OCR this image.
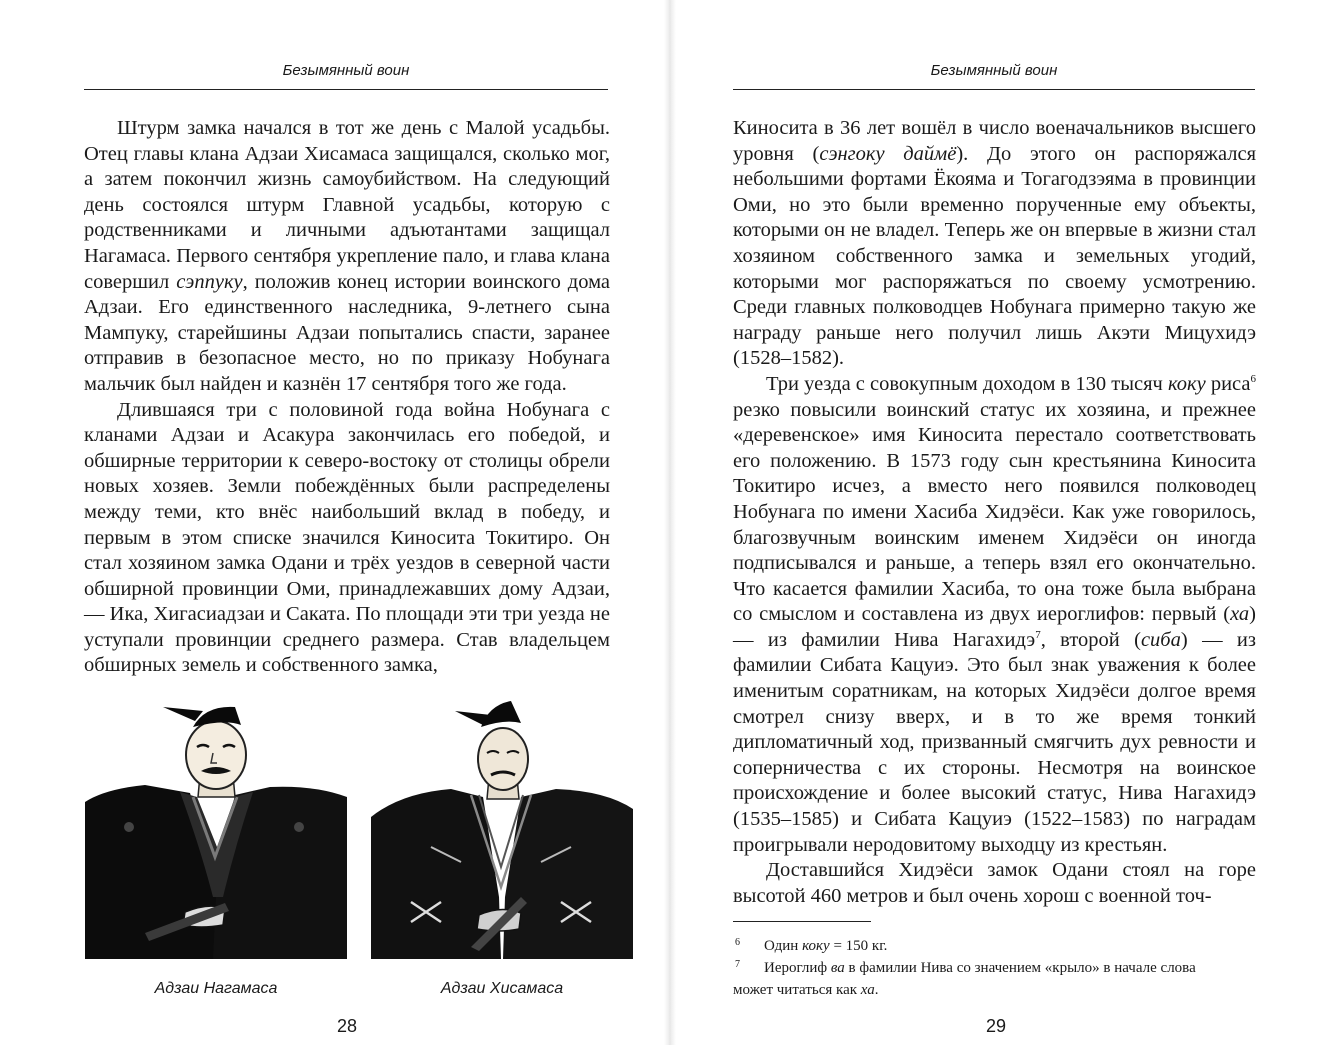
Безымянный воин

Штурм замка начался в тот же день с Малой усадьбы. Отец главы клана Адзаи Хисамаса защищался, сколько мог, а затем покончил жизнь самоубийством. На следующий день состоялся штурм Главной усадьбы, которую с родственниками и личными адъютантами защищал Нагамаса. Первого сентября укрепление пало, и глава клана совершил сэппуку, положив конец истории воинского дома Адзаи. Его единственного наследника, 9-летнего сына Мампуку, старейшины Адзаи попытались спасти, заранее отправив в безопасное место, но по приказу Нобунага мальчик был найден и казнён 17 сентября того же года.

Длившаяся три с половиной года война Нобунага с кланами Адзаи и Асакура закончилась его победой, и обширные территории к северо-востоку от столицы обрели новых хозяев. Земли побеждённых были распределены между теми, кто внёс наибольший вклад в победу, и первым в этом списке значился Киносита Токитиро. Он стал хозяином замка Одани и трёх уездов в северной части обширной провинции Оми, принадлежавших дому Адзаи, — Ика, Хигасиадзаи и Саката. По площади эти три уезда не уступали провинции среднего размера. Став владельцем обширных земель и собственного замка,

Адзаи Нагамаса	Адзаи Хисамаса
28
Безымянный воин

Киносита в 36 лет вошёл в число военачальников высшего уровня (сэнгоку даймё). До этого он распоряжался небольшими фортами Ёкояма и Тогагодзэяма в провинции Оми, но это были временно порученные ему объекты, которыми он не владел. Теперь же он впервые в жизни стал хозяином собственного замка и земельных угодий, которыми мог распоряжаться по своему усмотрению. Среди главных полководцев Нобунага примерно такую же награду раньше него получил лишь Акэти Мицухидэ (1528–1582).

Три уезда с совокупным доходом в 130 тысяч коку риса$^6$ резко повысили воинский статус их хозяина, и прежнее «деревенское» имя Киносита перестало соответствовать его положению. В 1573 году сын крестьянина Киносита Токитиро исчез, а вместо него появился полководец Нобунага по имени Хасиба Хидэёси. Как уже говорилось, благозвучным воинским именем Хидэёси он иногда подписывался и раньше, а теперь взял его окончательно. Что касается фамилии Хасиба, то она тоже была выбрана со смыслом и составлена из двух иероглифов: первый (ха) — из фамилии Нива Нагахидэ$^7$, второй (сиба) — из фамилии Сибата Кацуиэ. Это был знак уважения к более именитым соратникам, на которых Хидэёси долгое время смотрел снизу вверх, и в то же время тонкий дипломатичный ход, призванный смягчить дух ревности и соперничества с их стороны. Несмотря на воинское происхождение и более высокий статус, Нива Нагахидэ (1535–1585) и Сибата Кацуиэ (1522–1583) по наградам проигрывали неродовитому выходцу из крестьян.

Доставшийся Хидэёси замок Одани стоял на горе высотой 460 метров и был очень хорош с военной точ-

6 Один коку = 150 кг.
7 Иероглиф ва в фамилии Нива со значением «крыло» в начале слова
может читаться как ха.
29
